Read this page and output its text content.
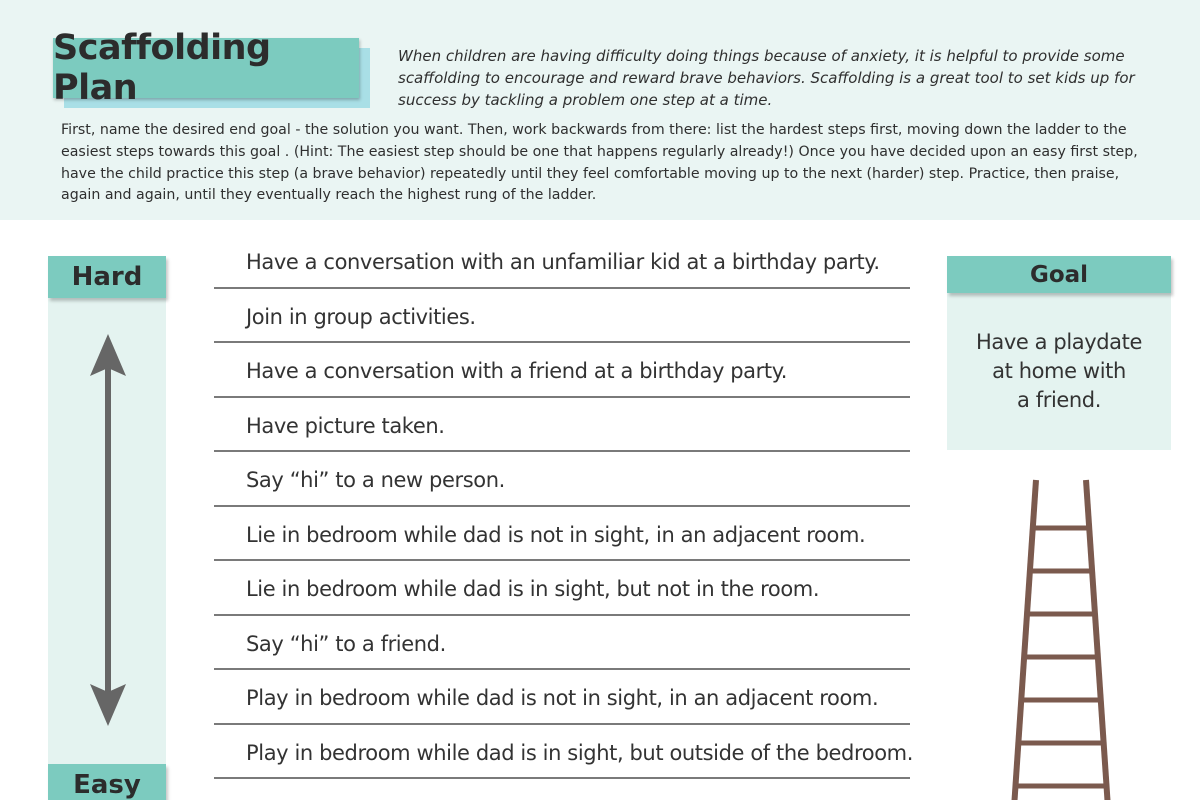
Scaffolding Plan
When children are having difficulty doing things because of anxiety, it is helpful to provide some scaffolding to encourage and reward brave behaviors. Scaffolding is a great tool to set kids up for success by tackling a problem one step at a time.
First, name the desired end goal - the solution you want. Then, work backwards from there: list the hardest steps first, moving down the ladder to the easiest steps towards this goal . (Hint: The easiest step should be one that happens regularly already!) Once you have decided upon an easy first step, have the child practice this step (a brave behavior) repeatedly until they feel comfortable moving up to the next (harder) step. Practice, then praise, again and again, until they eventually reach the highest rung of the ladder.
Hard
Easy
Have a conversation with an unfamiliar kid at a birthday party.
Join in group activities.
Have a conversation with a friend at a birthday party.
Have picture taken.
Say “hi” to a new person.
Lie in bedroom while dad is not in sight, in an adjacent room.
Lie in bedroom while dad is in sight, but not in the room.
Say “hi” to a friend.
Play in bedroom while dad is not in sight, in an adjacent room.
Play in bedroom while dad is in sight, but outside of the bedroom.
Goal
Have a playdate
at home with
a friend.
